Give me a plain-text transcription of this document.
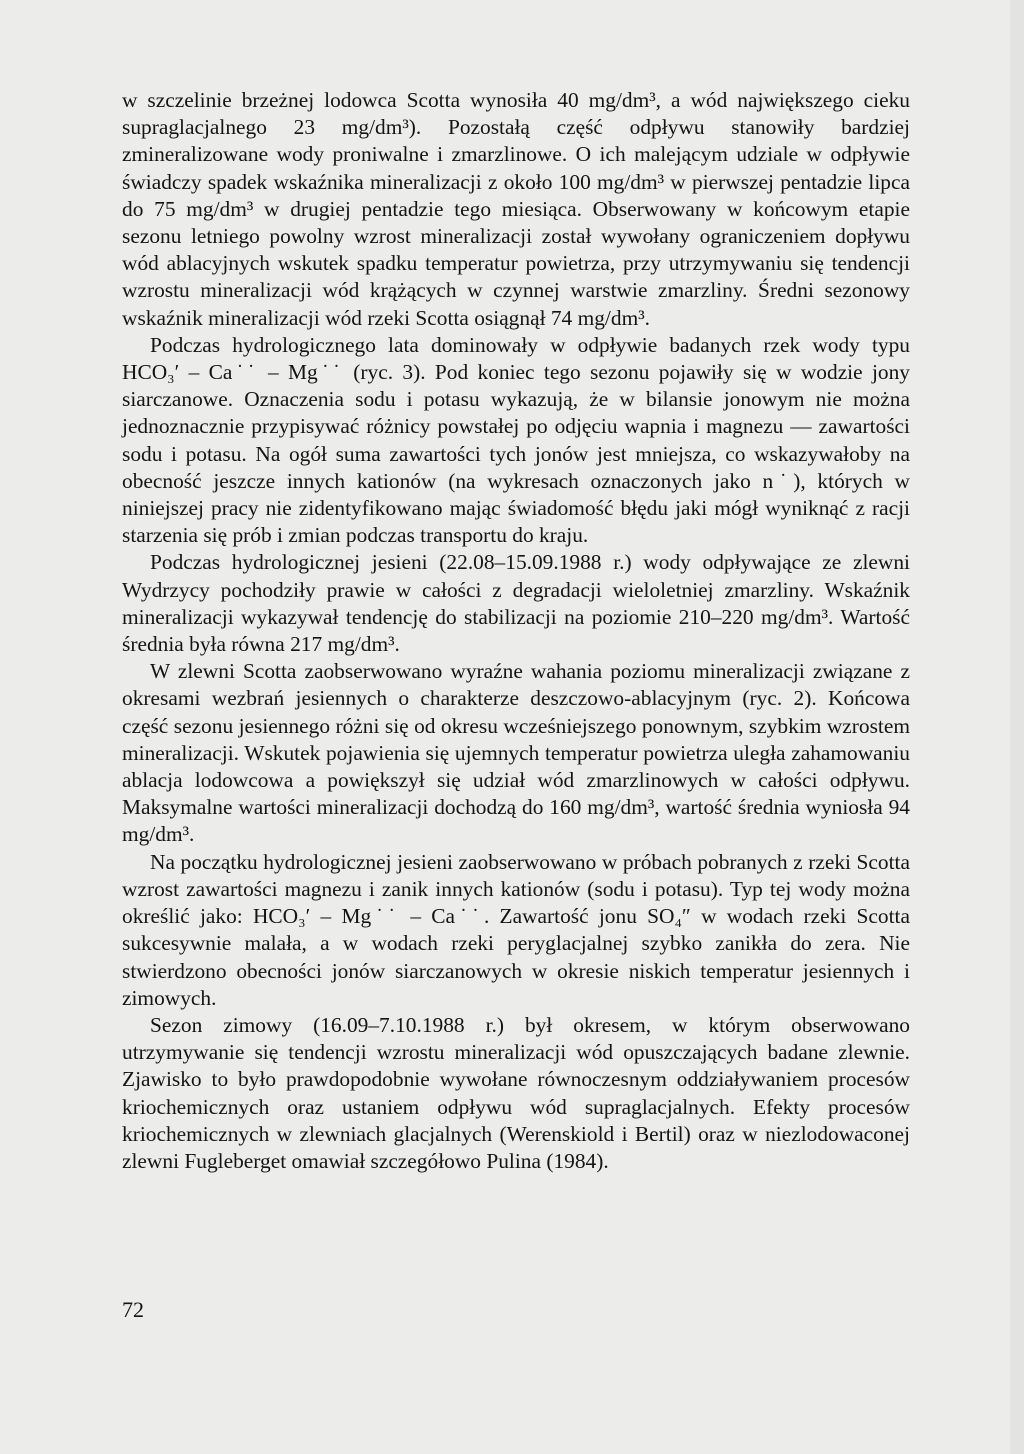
w szczelinie brzeżnej lodowca Scotta wynosiła 40 mg/dm³, a wód największego cieku supraglacjalnego 23 mg/dm³). Pozostałą część odpływu stanowiły bardziej zmineralizowane wody proniwalne i zmarzlinowe. O ich malejącym udziale w odpływie świadczy spadek wskaźnika mineralizacji z około 100 mg/dm³ w pierwszej pentadzie lipca do 75 mg/dm³ w drugiej pentadzie tego miesiąca. Obserwowany w końcowym etapie sezonu letniego powolny wzrost mineralizacji został wywołany ograniczeniem dopływu wód ablacyjnych wskutek spadku temperatur powietrza, przy utrzymywaniu się tendencji wzrostu mineralizacji wód krążących w czynnej warstwie zmarzliny. Średni sezonowy wskaźnik mineralizacji wód rzeki Scotta osiągnął 74 mg/dm³.

Podczas hydrologicznego lata dominowały w odpływie badanych rzek wody typu HCO₃′ – Ca˙˙ – Mg˙˙ (ryc. 3). Pod koniec tego sezonu pojawiły się w wodzie jony siarczanowe. Oznaczenia sodu i potasu wykazują, że w bilansie jonowym nie można jednoznacznie przypisywać różnicy powstałej po odjęciu wapnia i magnezu — zawartości sodu i potasu. Na ogół suma zawartości tych jonów jest mniejsza, co wskazywałoby na obecność jeszcze innych kationów (na wykresach oznaczonych jako n˙), których w niniejszej pracy nie zidentyfikowano mając świadomość błędu jaki mógł wyniknąć z racji starzenia się prób i zmian podczas transportu do kraju.

Podczas hydrologicznej jesieni (22.08–15.09.1988 r.) wody odpływające ze zlewni Wydrzycy pochodziły prawie w całości z degradacji wieloletniej zmarzliny. Wskaźnik mineralizacji wykazywał tendencję do stabilizacji na poziomie 210–220 mg/dm³. Wartość średnia była równa 217 mg/dm³.

W zlewni Scotta zaobserwowano wyraźne wahania poziomu mineralizacji związane z okresami wezbrań jesiennych o charakterze deszczowo-ablacyjnym (ryc. 2). Końcowa część sezonu jesiennego różni się od okresu wcześniejszego ponownym, szybkim wzrostem mineralizacji. Wskutek pojawienia się ujemnych temperatur powietrza uległa zahamowaniu ablacja lodowcowa a powiększył się udział wód zmarzlinowych w całości odpływu. Maksymalne wartości mineralizacji dochodzą do 160 mg/dm³, wartość średnia wyniosła 94 mg/dm³.

Na początku hydrologicznej jesieni zaobserwowano w próbach pobranych z rzeki Scotta wzrost zawartości magnezu i zanik innych kationów (sodu i potasu). Typ tej wody można określić jako: HCO₃′ – Mg˙˙ – Ca˙˙. Zawartość jonu SO₄″ w wodach rzeki Scotta sukcesywnie malała, a w wodach rzeki peryglacjalnej szybko zanikła do zera. Nie stwierdzono obecności jonów siarczanowych w okresie niskich temperatur jesiennych i zimowych.

Sezon zimowy (16.09–7.10.1988 r.) był okresem, w którym obserwowano utrzymywanie się tendencji wzrostu mineralizacji wód opuszczających badane zlewnie. Zjawisko to było prawdopodobnie wywołane równoczesnym oddziaływaniem procesów kriochemicznych oraz ustaniem odpływu wód supraglacjalnych. Efekty procesów kriochemicznych w zlewniach glacjalnych (Werenskiold i Bertil) oraz w niezlodowaconej zlewni Fugleberget omawiał szczegółowo Pulina (1984).

72
